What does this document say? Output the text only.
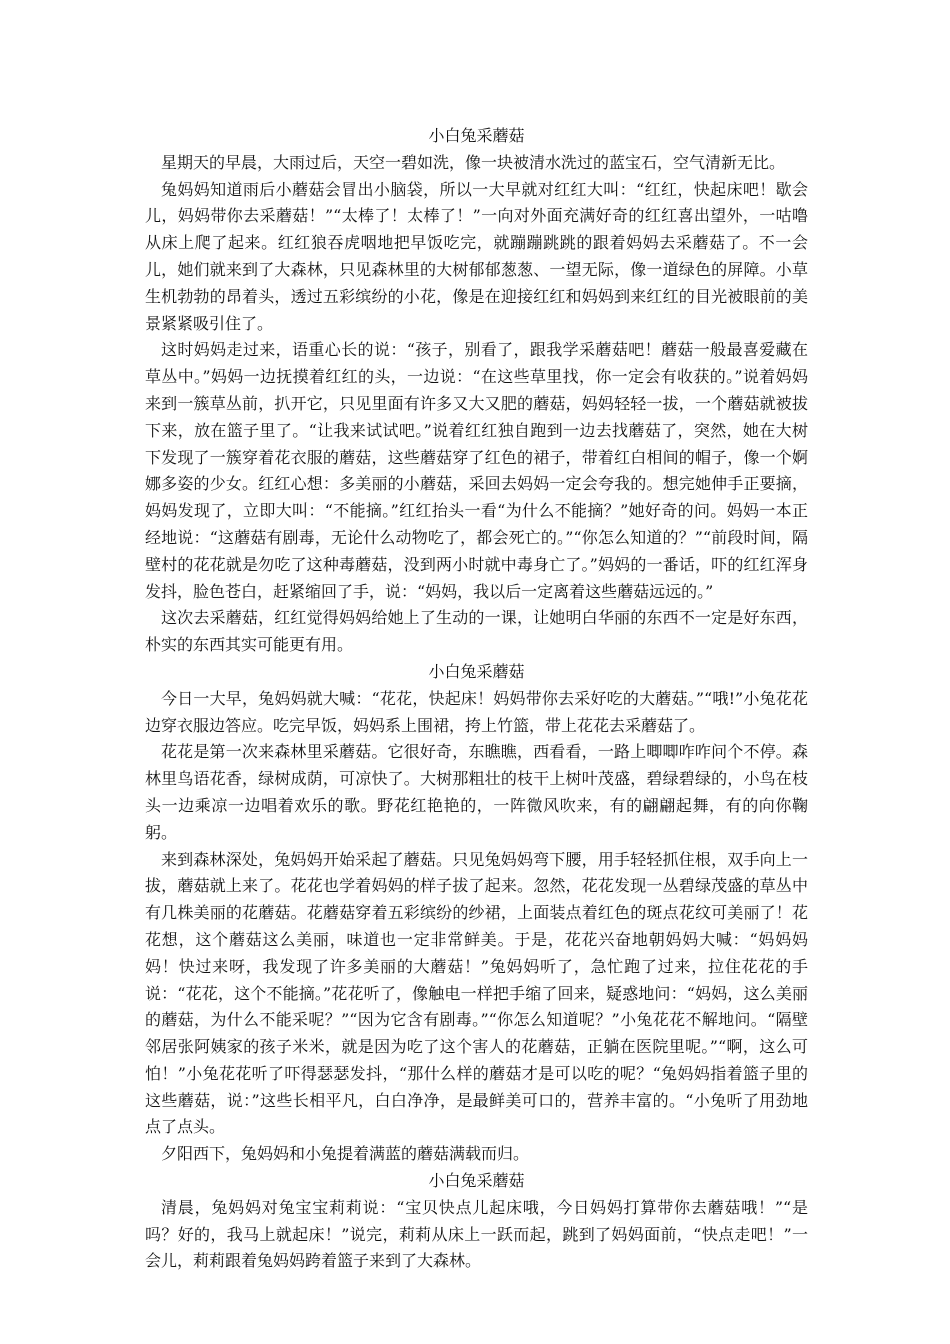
小白兔采蘑菇

星期天的早晨，大雨过后，天空一碧如洗，像一块被清水洗过的蓝宝石，空气清新无比。

兔妈妈知道雨后小蘑菇会冒出小脑袋，所以一大早就对红红大叫：“红红，快起床吧！歇会儿，妈妈带你去采蘑菇！”“太棒了！太棒了！”一向对外面充满好奇的红红喜出望外，一咕噜从床上爬了起来。红红狼吞虎咽地把早饭吃完，就蹦蹦跳跳的跟着妈妈去采蘑菇了。不一会儿，她们就来到了大森林，只见森林里的大树郁郁葱葱、一望无际，像一道绿色的屏障。小草生机勃勃的昂着头，透过五彩缤纷的小花，像是在迎接红红和妈妈到来红红的目光被眼前的美景紧紧吸引住了。

这时妈妈走过来，语重心长的说：“孩子，别看了，跟我学采蘑菇吧！蘑菇一般最喜爱藏在草丛中。”妈妈一边抚摸着红红的头，一边说：“在这些草里找，你一定会有收获的。”说着妈妈来到一簇草丛前，扒开它，只见里面有许多又大又肥的蘑菇，妈妈轻轻一拔，一个蘑菇就被拔下来，放在篮子里了。“让我来试试吧。”说着红红独自跑到一边去找蘑菇了，突然，她在大树下发现了一簇穿着花衣服的蘑菇，这些蘑菇穿了红色的裙子，带着红白相间的帽子，像一个婀娜多姿的少女。红红心想：多美丽的小蘑菇，采回去妈妈一定会夸我的。想完她伸手正要摘，妈妈发现了，立即大叫：“不能摘。”红红抬头一看“为什么不能摘？”她好奇的问。妈妈一本正经地说：“这蘑菇有剧毒，无论什么动物吃了，都会死亡的。”“你怎么知道的？”“前段时间，隔壁村的花花就是勿吃了这种毒蘑菇，没到两小时就中毒身亡了。”妈妈的一番话，吓的红红浑身发抖，脸色苍白，赶紧缩回了手，说：“妈妈，我以后一定离着这些蘑菇远远的。”

这次去采蘑菇，红红觉得妈妈给她上了生动的一课，让她明白华丽的东西不一定是好东西，朴实的东西其实可能更有用。

小白兔采蘑菇

今日一大早，兔妈妈就大喊：“花花，快起床！妈妈带你去采好吃的大蘑菇。”“哦!”小兔花花边穿衣服边答应。吃完早饭，妈妈系上围裙，挎上竹篮，带上花花去采蘑菇了。

花花是第一次来森林里采蘑菇。它很好奇，东瞧瞧，西看看，一路上唧唧咋咋问个不停。森林里鸟语花香，绿树成荫，可凉快了。大树那粗壮的枝干上树叶茂盛，碧绿碧绿的，小鸟在枝头一边乘凉一边唱着欢乐的歌。野花红艳艳的，一阵微风吹来，有的翩翩起舞，有的向你鞠躬。

来到森林深处，兔妈妈开始采起了蘑菇。只见兔妈妈弯下腰，用手轻轻抓住根，双手向上一拔，蘑菇就上来了。花花也学着妈妈的样子拔了起来。忽然，花花发现一丛碧绿茂盛的草丛中有几株美丽的花蘑菇。花蘑菇穿着五彩缤纷的纱裙，上面装点着红色的斑点花纹可美丽了！花花想，这个蘑菇这么美丽，味道也一定非常鲜美。于是，花花兴奋地朝妈妈大喊：“妈妈妈妈！快过来呀，我发现了许多美丽的大蘑菇！”兔妈妈听了，急忙跑了过来，拉住花花的手说：“花花，这个不能摘。”花花听了，像触电一样把手缩了回来，疑惑地问：“妈妈，这么美丽的蘑菇，为什么不能采呢？”“因为它含有剧毒。”“你怎么知道呢？”小兔花花不解地问。“隔壁邻居张阿姨家的孩子米米，就是因为吃了这个害人的花蘑菇，正躺在医院里呢。”“啊，这么可怕！”小兔花花听了吓得瑟瑟发抖，“那什么样的蘑菇才是可以吃的呢？“兔妈妈指着篮子里的这些蘑菇，说：”这些长相平凡，白白净净，是最鲜美可口的，营养丰富的。“小兔听了用劲地点了点头。

夕阳西下，兔妈妈和小兔提着满蓝的蘑菇满载而归。

小白兔采蘑菇

清晨，兔妈妈对兔宝宝莉莉说：“宝贝快点儿起床哦，今日妈妈打算带你去蘑菇哦！”“是吗？好的，我马上就起床！”说完，莉莉从床上一跃而起，跳到了妈妈面前，“快点走吧！”一会儿，莉莉跟着兔妈妈跨着篮子来到了大森林。
